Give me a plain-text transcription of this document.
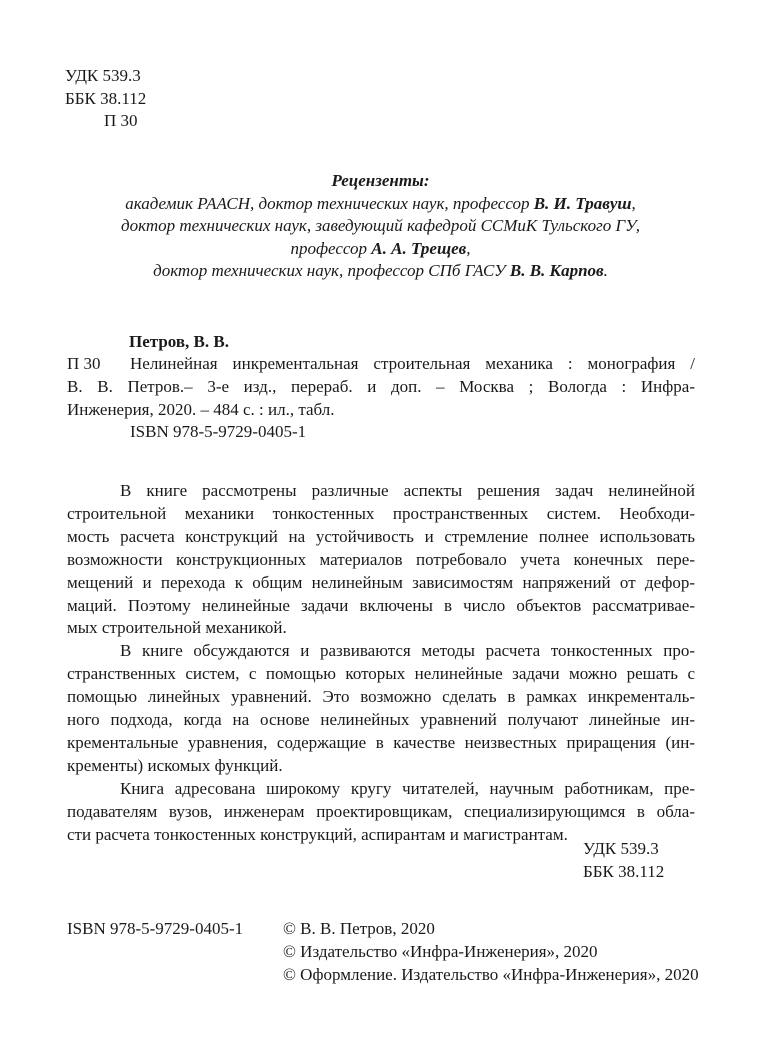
УДК 539.3
ББК 38.112
П 30
Рецензенты:
академик РААСН, доктор технических наук, профессор В. И. Травуш,
доктор технических наук, заведующий кафедрой ССМиК Тульского ГУ,
профессор А. А. Трещев,
доктор технических наук, профессор СПб ГАСУ В. В. Карпов.
Петров, В. В.
П 30 Нелинейная инкрементальная строительная механика : монография /
В. В. Петров.– 3-е изд., перераб. и доп. – Москва ; Вологда : Инфра-
Инженерия, 2020. – 484 с. : ил., табл.
ISBN 978-5-9729-0405-1
В книге рассмотрены различные аспекты решения задач нелинейной
строительной механики тонкостенных пространственных систем. Необходи-
мость расчета конструкций на устойчивость и стремление полнее использовать
возможности конструкционных материалов потребовало учета конечных пере-
мещений и перехода к общим нелинейным зависимостям напряжений от дефор-
маций. Поэтому нелинейные задачи включены в число объектов рассматривае-
мых строительной механикой.
В книге обсуждаются и развиваются методы расчета тонкостенных про-
странственных систем, с помощью которых нелинейные задачи можно решать с
помощью линейных уравнений. Это возможно сделать в рамках инкременталь-
ного подхода, когда на основе нелинейных уравнений получают линейные ин-
крементальные уравнения, содержащие в качестве неизвестных приращения (ин-
кременты) искомых функций.
Книга адресована широкому кругу читателей, научным работникам, пре-
подавателям вузов, инженерам проектировщикам, специализирующимся в обла-
сти расчета тонкостенных конструкций, аспирантам и магистрантам.
УДК 539.3
ББК 38.112
ISBN 978-5-9729-0405-1 © В. В. Петров, 2020
© Издательство «Инфра-Инженерия», 2020
© Оформление. Издательство «Инфра-Инженерия», 2020
